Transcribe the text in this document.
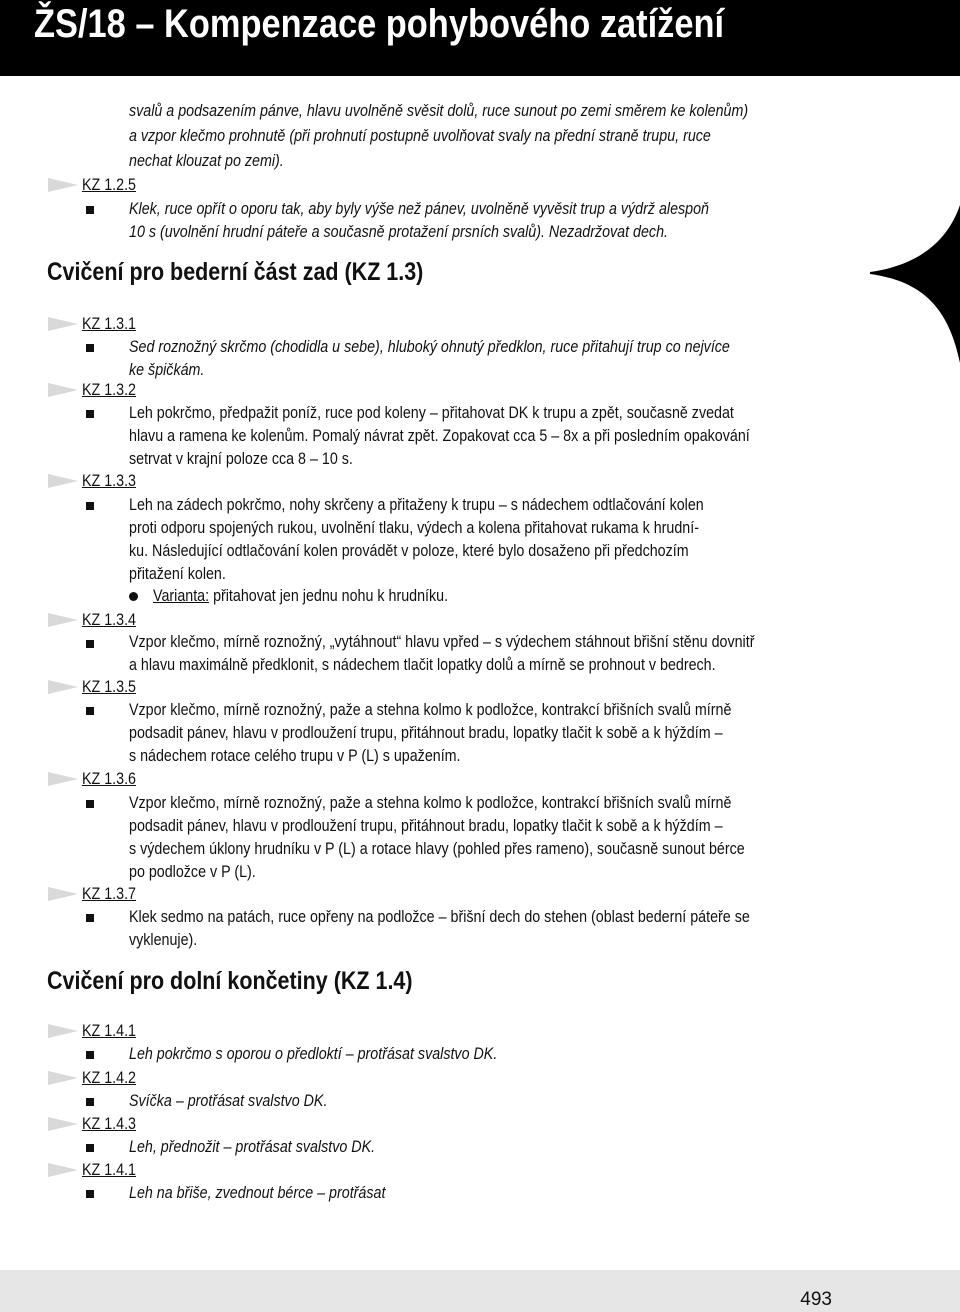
ŽS/18 – Kompenzace pohybového zatížení
svalů a podsazením pánve, hlavu uvolněně svěsit dolů, ruce sunout po zemi směrem ke kolenům)
a vzpor klečmo prohnutě (při prohnutí postupně uvolňovat svaly na přední straně trupu, ruce
nechat klouzat po zemi).
KZ 1.2.5
Klek, ruce opřít o oporu tak, aby byly výše než pánev, uvolněně vyvěsit trup a výdrž alespoň
10 s (uvolnění hrudní páteře a současně protažení prsních svalů). Nezadržovat dech.
Cvičení pro bederní část zad (KZ 1.3)
KZ 1.3.1
Sed roznožný skrčmo (chodidla u sebe), hluboký ohnutý předklon, ruce přitahují trup co nejvíce
ke špičkám.
KZ 1.3.2
Leh pokrčmo, předpažit poníž, ruce pod koleny – přitahovat DK k trupu a zpět, současně zvedat
hlavu a ramena ke kolenům. Pomalý návrat zpět. Zopakovat cca 5 – 8x a při posledním opakování
setrvat v krajní poloze cca 8 – 10 s.
KZ 1.3.3
Leh na zádech pokrčmo, nohy skrčeny a přitaženy k trupu – s nádechem odtlačování kolen
proti odporu spojených rukou, uvolnění tlaku, výdech a kolena přitahovat rukama k hrudní-
ku. Následující odtlačování kolen provádět v poloze, které bylo dosaženo při předchozím
přitažení kolen.
Varianta: přitahovat jen jednu nohu k hrudníku.
KZ 1.3.4
Vzpor klečmo, mírně roznožný, „vytáhnout“ hlavu vpřed – s výdechem stáhnout břišní stěnu dovnitř
a hlavu maximálně předklonit, s nádechem tlačit lopatky dolů a mírně se prohnout v bedrech.
KZ 1.3.5
Vzpor klečmo, mírně roznožný, paže a stehna kolmo k podložce, kontrakcí břišních svalů mírně
podsadit pánev, hlavu v prodloužení trupu, přitáhnout bradu, lopatky tlačit k sobě a k hýždím –
s nádechem rotace celého trupu v P (L) s upažením.
KZ 1.3.6
Vzpor klečmo, mírně roznožný, paže a stehna kolmo k podložce, kontrakcí břišních svalů mírně
podsadit pánev, hlavu v prodloužení trupu, přitáhnout bradu, lopatky tlačit k sobě a k hýždím –
s výdechem úklony hrudníku v P (L) a rotace hlavy (pohled přes rameno), současně sunout bérce
po podložce v P (L).
KZ 1.3.7
Klek sedmo na patách, ruce opřeny na podložce – břišní dech do stehen (oblast bederní páteře se
vyklenuje).
Cvičení pro dolní končetiny (KZ 1.4)
KZ 1.4.1
Leh pokrčmo s oporou o předloktí – protřásat svalstvo DK.
KZ 1.4.2
Svíčka – protřásat svalstvo DK.
KZ 1.4.3
Leh, přednožit – protřásat svalstvo DK.
KZ 1.4.1
Leh na břiše, zvednout bérce – protřásat
493
